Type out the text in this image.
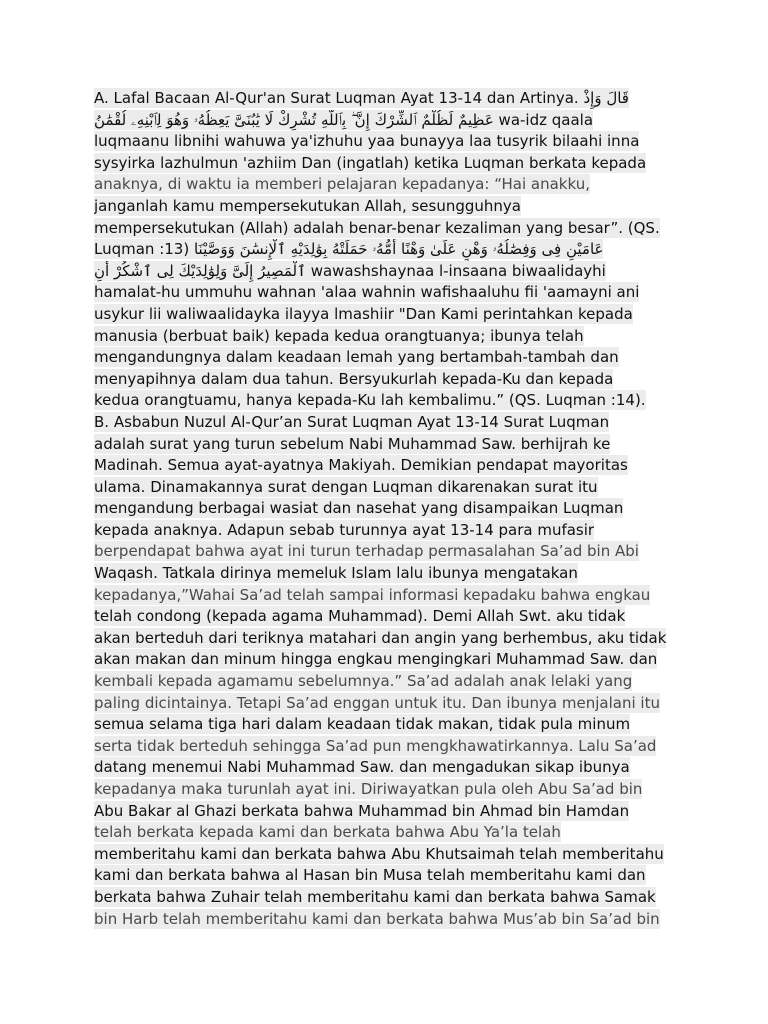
A. Lafal Bacaan Al-Qur'an Surat Luqman Ayat 13-14 dan Artinya. قَالَ وَإِذْ
عَظِيمٌ لَظُلْمٌ ٱلشِّرْكَ إِنَّ ۖ بِٱللَّهِ تُشْرِكْ لَا يَٰبُنَىَّ يَعِظُهُۥ وَهُوَ لِٱبْنِهِۦ لُقْمَٰنُ wa-idz qaala
luqmaanu libnihi wahuwa ya'izhuhu yaa bunayya laa tusyrik bilaahi inna
sysyirka lazhulmun 'azhiim Dan (ingatlah) ketika Luqman berkata kepada
anaknya, di waktu ia memberi pelajaran kepadanya: “Hai anakku,
janganlah kamu mempersekutukan Allah, sesungguhnya
mempersekutukan (Allah) adalah benar-benar kezaliman yang besar”. (QS.
Luqman :13) عَامَيْنِ فِى وَفِصَٰلُهُۥ وَهْنٍ عَلَىٰ وَهْنًا أُمُّهُۥ حَمَلَتْهُ بِوَٰلِدَيْهِ ٱلْإِنسَٰنَ وَوَصَّيْنَا
ٱلْمَصِيرُ إِلَىَّ وَلِوَٰلِدَيْكَ لِى ٱشْكُرْ أَنِ wawashshaynaa l-insaana biwaalidayhi
hamalat-hu ummuhu wahnan 'alaa wahnin wafishaaluhu fii 'aamayni ani
usykur lii waliwaalidayka ilayya lmashiir "Dan Kami perintahkan kepada
manusia (berbuat baik) kepada kedua orangtuanya; ibunya telah
mengandungnya dalam keadaan lemah yang bertambah-tambah dan
menyapihnya dalam dua tahun. Bersyukurlah kepada-Ku dan kepada
kedua orangtuamu, hanya kepada-Ku lah kembalimu.” (QS. Luqman :14).
B. Asbabun Nuzul Al-Qur’an Surat Luqman Ayat 13-14 Surat Luqman
adalah surat yang turun sebelum Nabi Muhammad Saw. berhijrah ke
Madinah. Semua ayat-ayatnya Makiyah. Demikian pendapat mayoritas
ulama. Dinamakannya surat dengan Luqman dikarenakan surat itu
mengandung berbagai wasiat dan nasehat yang disampaikan Luqman
kepada anaknya. Adapun sebab turunnya ayat 13-14 para mufasir
berpendapat bahwa ayat ini turun terhadap permasalahan Sa’ad bin Abi
Waqash. Tatkala dirinya memeluk Islam lalu ibunya mengatakan
kepadanya,”Wahai Sa’ad telah sampai informasi kepadaku bahwa engkau
telah condong (kepada agama Muhammad). Demi Allah Swt. aku tidak
akan berteduh dari teriknya matahari dan angin yang berhembus, aku tidak
akan makan dan minum hingga engkau mengingkari Muhammad Saw. dan
kembali kepada agamamu sebelumnya.” Sa’ad adalah anak lelaki yang
paling dicintainya. Tetapi Sa’ad enggan untuk itu. Dan ibunya menjalani itu
semua selama tiga hari dalam keadaan tidak makan, tidak pula minum
serta tidak berteduh sehingga Sa’ad pun mengkhawatirkannya. Lalu Sa’ad
datang menemui Nabi Muhammad Saw. dan mengadukan sikap ibunya
kepadanya maka turunlah ayat ini. Diriwayatkan pula oleh Abu Sa’ad bin
Abu Bakar al Ghazi berkata bahwa Muhammad bin Ahmad bin Hamdan
telah berkata kepada kami dan berkata bahwa Abu Ya’la telah
memberitahu kami dan berkata bahwa Abu Khutsaimah telah memberitahu
kami dan berkata bahwa al Hasan bin Musa telah memberitahu kami dan
berkata bahwa Zuhair telah memberitahu kami dan berkata bahwa Samak
bin Harb telah memberitahu kami dan berkata bahwa Mus’ab bin Sa’ad bin
